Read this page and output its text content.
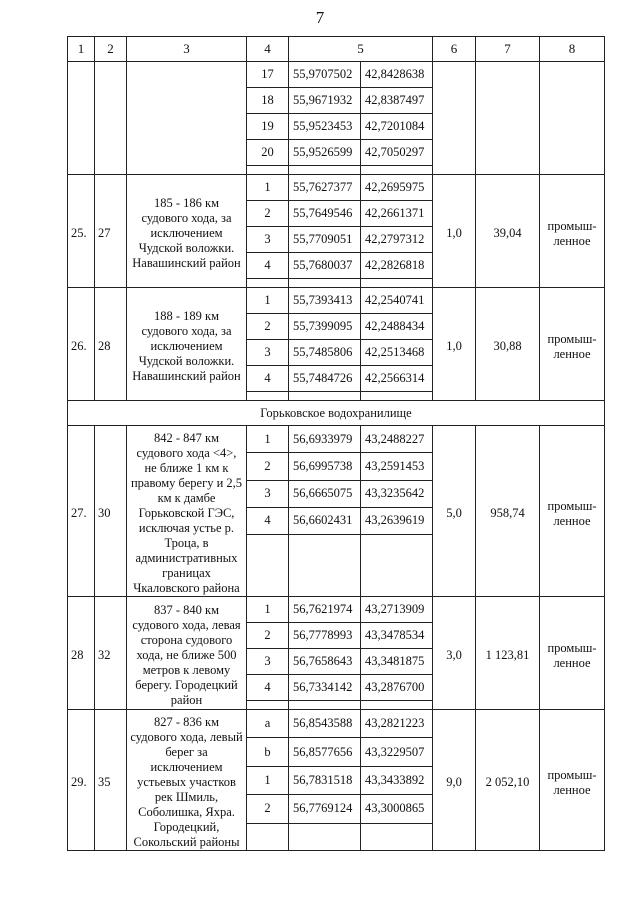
7
1	2	3	4	5		6	7	8
			17	55,9707502	42,8428638			
			18	55,9671932	42,8387497			
			19	55,9523453	42,7201084			
			20	55,9526599	42,7050297			

25.	27	185 - 186 км судового хода, за исключением Чудской воложки. Навашинский район	1	55,7627377	42,2695975	1,0	39,04	промыш-ленное
			2	55,7649546	42,2661371			
			3	55,7709051	42,2797312			
			4	55,7680037	42,2826818			

26.	28	188 - 189 км судового хода, за исключением Чудской воложки. Навашинский район	1	55,7393413	42,2540741	1,0	30,88	промыш-ленное
			2	55,7399095	42,2488434			
			3	55,7485806	42,2513468			
			4	55,7484726	42,2566314			

Горьковское водохранилище								
27.	30	842 - 847 км судового хода <4>, не ближе 1 км к правому берегу и 2,5 км к дамбе Горьковской ГЭС, исключая устье р. Троца, в административных границах Чкаловского района	1	56,6933979	43,2488227	5,0	958,74	промыш-ленное
			2	56,6995738	43,2591453			
			3	56,6665075	43,3235642			
			4	56,6602431	43,2639619			

28	32	837 - 840 км судового хода, левая сторона судового хода, не ближе 500 метров к левому берегу. Городецкий район	1	56,7621974	43,2713909	3,0	1 123,81	промыш-ленное
			2	56,7778993	43,3478534			
			3	56,7658643	43,3481875			
			4	56,7334142	43,2876700			

29.	35	827 - 836 км судового хода, левый берег за исключением устьевых участков рек Шмиль, Соболишка, Яхра. Городецкий, Сокольский районы	a	56,8543588	43,2821223	9,0	2 052,10	промыш-ленное
			b	56,8577656	43,3229507			
			1	56,7831518	43,3433892			
			2	56,7769124	43,3000865			
